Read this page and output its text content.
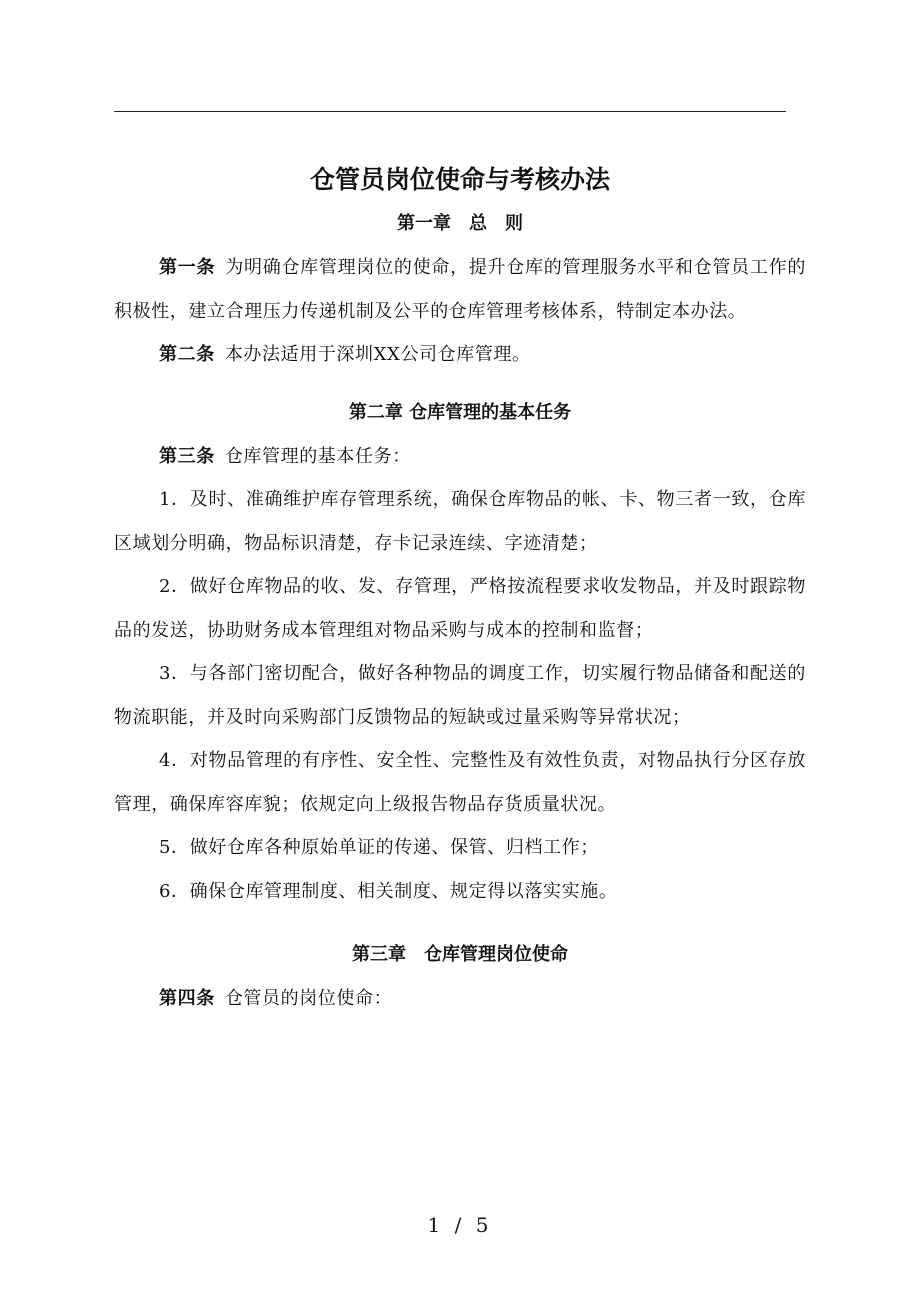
仓管员岗位使命与考核办法
第一章　总　则

第一条 为明确仓库管理岗位的使命，提升仓库的管理服务水平和仓管员工作的积极性，建立合理压力传递机制及公平的仓库管理考核体系，特制定本办法。

第二条 本办法适用于深圳XX公司仓库管理。

第二章 仓库管理的基本任务

第三条 仓库管理的基本任务：

1．及时、准确维护库存管理系统，确保仓库物品的帐、卡、物三者一致，仓库区域划分明确，物品标识清楚，存卡记录连续、字迹清楚；

2．做好仓库物品的收、发、存管理，严格按流程要求收发物品，并及时跟踪物品的发送，协助财务成本管理组对物品采购与成本的控制和监督；

3．与各部门密切配合，做好各种物品的调度工作，切实履行物品储备和配送的物流职能，并及时向采购部门反馈物品的短缺或过量采购等异常状况；

4．对物品管理的有序性、安全性、完整性及有效性负责，对物品执行分区存放管理，确保库容库貌；依规定向上级报告物品存货质量状况。

5．做好仓库各种原始单证的传递、保管、归档工作；

6．确保仓库管理制度、相关制度、规定得以落实实施。

第三章　仓库管理岗位使命

第四条 仓管员的岗位使命：

1 / 5
